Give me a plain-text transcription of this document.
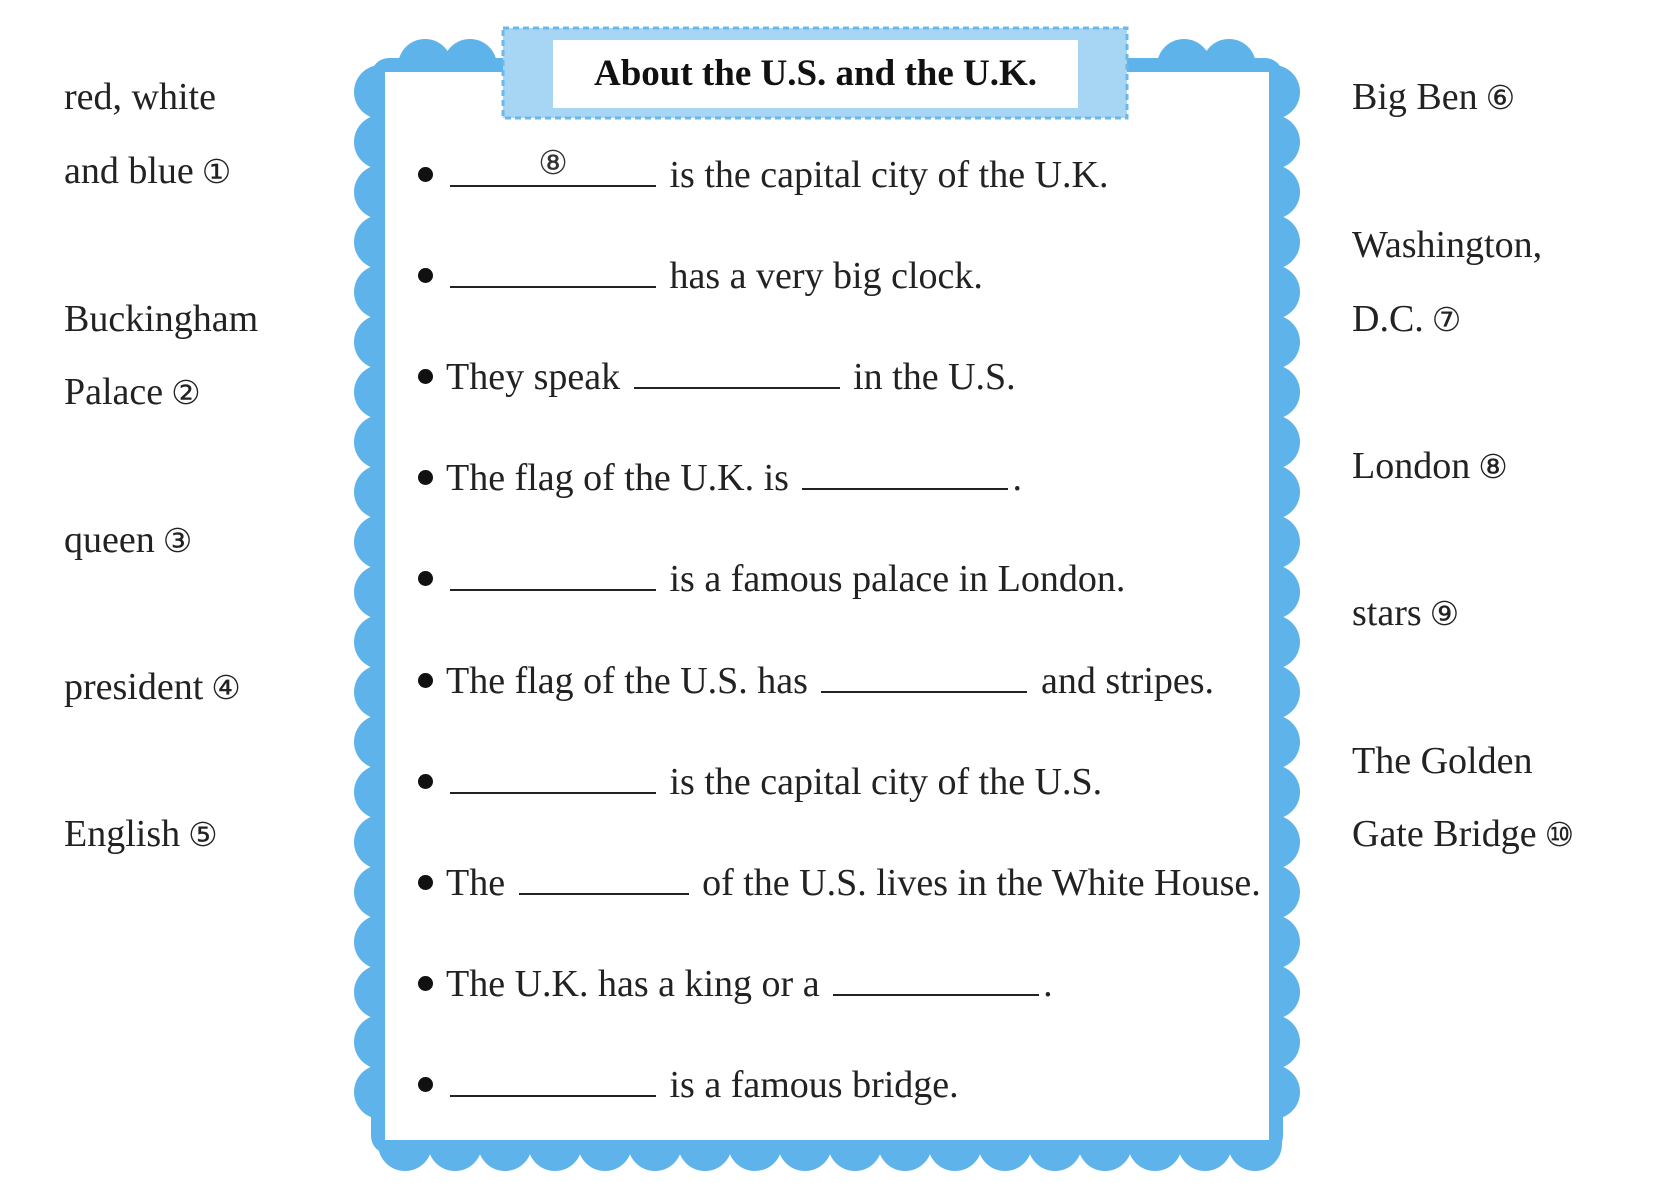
About the U.S. and the U.K.
red, white
and blue ①
Buckingham
Palace ②
queen ③
president ④
English ⑤
Big Ben ⑥
Washington,
D.C. ⑦
London ⑧
stars ⑨
The Golden
Gate Bridge ⑩
⑧	is the capital city of the U.K.
has a very big clock.
They speak	in the U.S.
The flag of the U.K. is	.
is a famous palace in London.
The flag of the U.S. has	and stripes.
is the capital city of the U.S.
The	of the U.S. lives in the White House.
The U.K. has a king or a	.
is a famous bridge.
